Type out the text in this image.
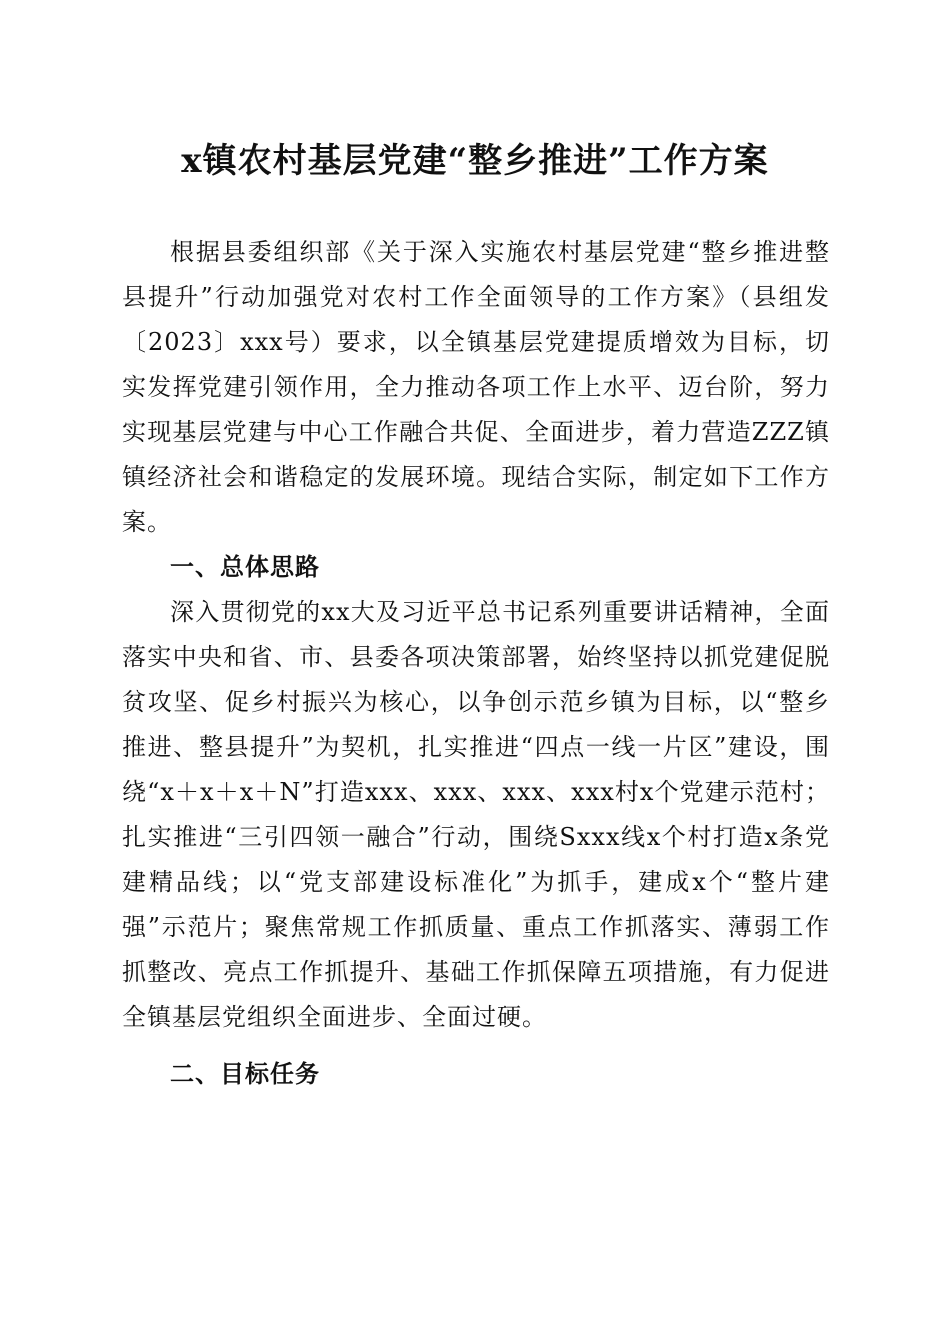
x镇农村基层党建“整乡推进”工作方案

根据县委组织部《关于深入实施农村基层党建“整乡推进整县提升”行动加强党对农村工作全面领导的工作方案》（县组发〔2023〕xxx号）要求，以全镇基层党建提质增效为目标，切实发挥党建引领作用，全力推动各项工作上水平、迈台阶，努力实现基层党建与中心工作融合共促、全面进步，着力营造ZZZ镇镇经济社会和谐稳定的发展环境。现结合实际，制定如下工作方案。

一、总体思路

深入贯彻党的xx大及习近平总书记系列重要讲话精神，全面落实中央和省、市、县委各项决策部署，始终坚持以抓党建促脱贫攻坚、促乡村振兴为核心，以争创示范乡镇为目标，以“整乡推进、整县提升”为契机，扎实推进“四点一线一片区”建设，围绕“x＋x＋x＋N”打造xxx、xxx、xxx、xxx村x个党建示范村；扎实推进“三引四领一融合”行动，围绕Sxxx线x个村打造x条党建精品线；以“党支部建设标准化”为抓手，建成x个“整片建强”示范片；聚焦常规工作抓质量、重点工作抓落实、薄弱工作抓整改、亮点工作抓提升、基础工作抓保障五项措施，有力促进全镇基层党组织全面进步、全面过硬。

二、目标任务
